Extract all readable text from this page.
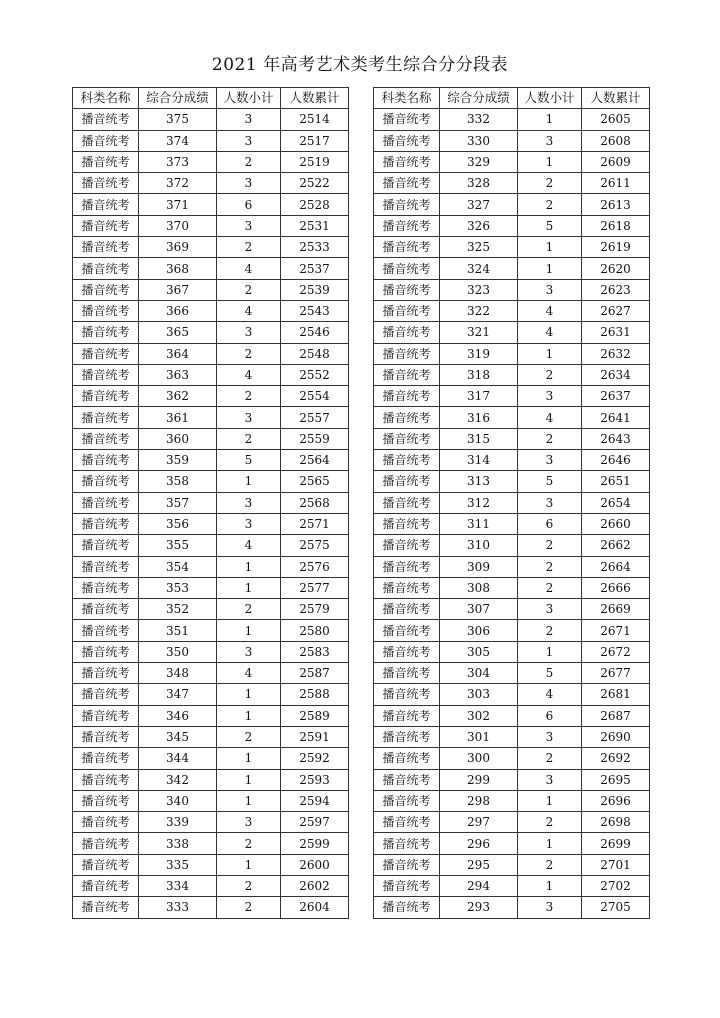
2021 年高考艺术类考生综合分分段表
科类名称	综合分成绩	人数小计	人数累计
播音统考	375	3	2514
播音统考	374	3	2517
播音统考	373	2	2519
播音统考	372	3	2522
播音统考	371	6	2528
播音统考	370	3	2531
播音统考	369	2	2533
播音统考	368	4	2537
播音统考	367	2	2539
播音统考	366	4	2543
播音统考	365	3	2546
播音统考	364	2	2548
播音统考	363	4	2552
播音统考	362	2	2554
播音统考	361	3	2557
播音统考	360	2	2559
播音统考	359	5	2564
播音统考	358	1	2565
播音统考	357	3	2568
播音统考	356	3	2571
播音统考	355	4	2575
播音统考	354	1	2576
播音统考	353	1	2577
播音统考	352	2	2579
播音统考	351	1	2580
播音统考	350	3	2583
播音统考	348	4	2587
播音统考	347	1	2588
播音统考	346	1	2589
播音统考	345	2	2591
播音统考	344	1	2592
播音统考	342	1	2593
播音统考	340	1	2594
播音统考	339	3	2597
播音统考	338	2	2599
播音统考	335	1	2600
播音统考	334	2	2602
播音统考	333	2	2604
科类名称	综合分成绩	人数小计	人数累计
播音统考	332	1	2605
播音统考	330	3	2608
播音统考	329	1	2609
播音统考	328	2	2611
播音统考	327	2	2613
播音统考	326	5	2618
播音统考	325	1	2619
播音统考	324	1	2620
播音统考	323	3	2623
播音统考	322	4	2627
播音统考	321	4	2631
播音统考	319	1	2632
播音统考	318	2	2634
播音统考	317	3	2637
播音统考	316	4	2641
播音统考	315	2	2643
播音统考	314	3	2646
播音统考	313	5	2651
播音统考	312	3	2654
播音统考	311	6	2660
播音统考	310	2	2662
播音统考	309	2	2664
播音统考	308	2	2666
播音统考	307	3	2669
播音统考	306	2	2671
播音统考	305	1	2672
播音统考	304	5	2677
播音统考	303	4	2681
播音统考	302	6	2687
播音统考	301	3	2690
播音统考	300	2	2692
播音统考	299	3	2695
播音统考	298	1	2696
播音统考	297	2	2698
播音统考	296	1	2699
播音统考	295	2	2701
播音统考	294	1	2702
播音统考	293	3	2705
